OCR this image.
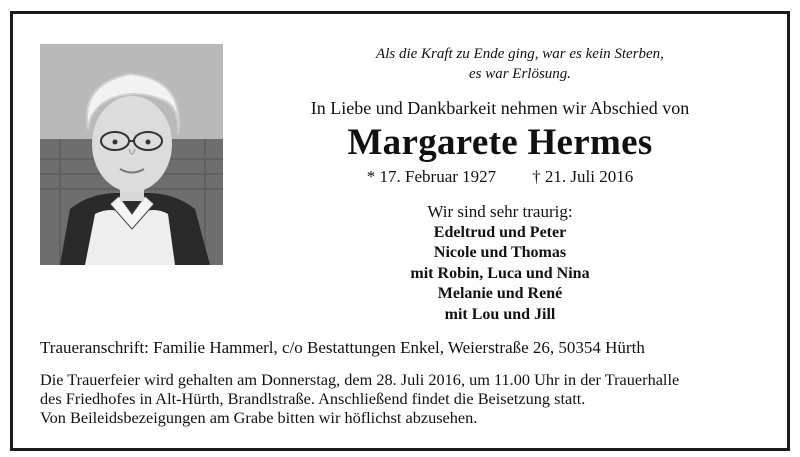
Als die Kraft zu Ende ging, war es kein Sterben,
es war Erlösung.
In Liebe und Dankbarkeit nehmen wir Abschied von
Margarete Hermes
* 17. Februar 1927 † 21. Juli 2016
Wir sind sehr traurig:
Edeltrud und Peter
Nicole und Thomas
mit Robin, Luca und Nina
Melanie und René
mit Lou und Jill
Traueranschrift: Familie Hammerl, c/o Bestattungen Enkel, Weierstraße 26, 50354 Hürth
Die Trauerfeier wird gehalten am Donnerstag, dem 28. Juli 2016, um 11.00 Uhr in der Trauerhalle
des Friedhofes in Alt-Hürth, Brandlstraße. Anschließend findet die Beisetzung statt.
Von Beileidsbezeigungen am Grabe bitten wir höflichst abzusehen.
